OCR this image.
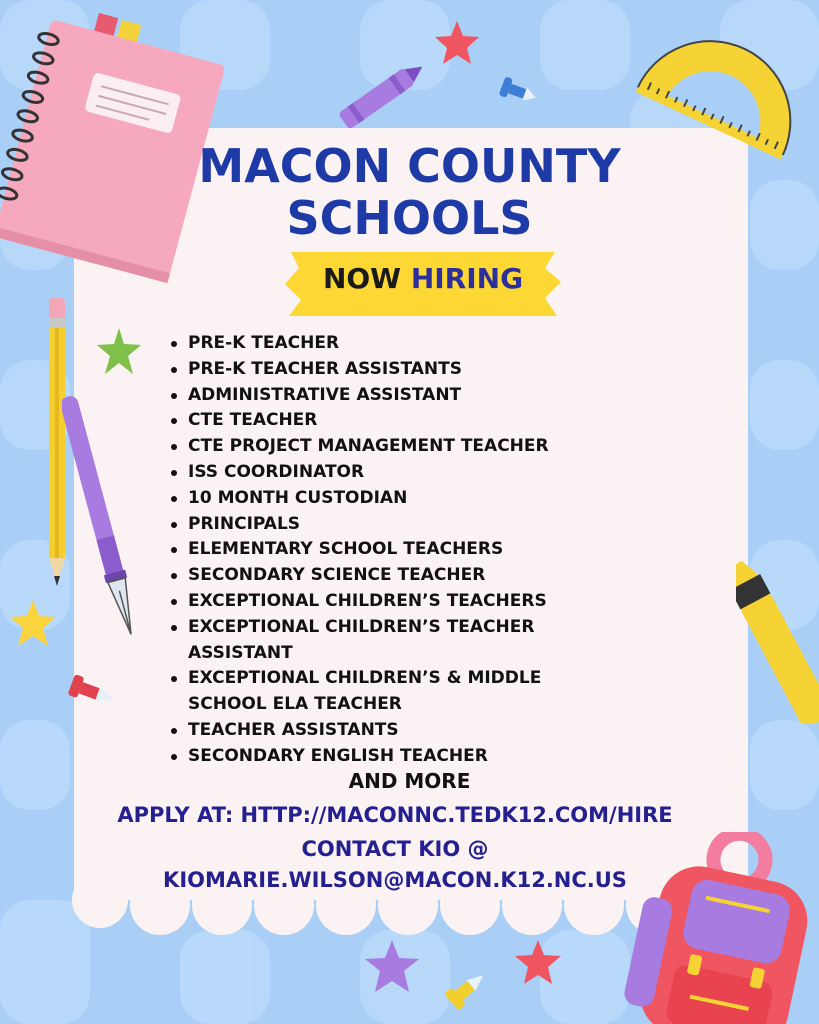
MACON COUNTY
SCHOOLS
NOW HIRING
PRE-K TEACHER
PRE-K TEACHER ASSISTANTS
ADMINISTRATIVE ASSISTANT
CTE TEACHER
CTE PROJECT MANAGEMENT TEACHER
ISS COORDINATOR
10 MONTH CUSTODIAN
PRINCIPALS
ELEMENTARY SCHOOL TEACHERS
SECONDARY SCIENCE TEACHER
EXCEPTIONAL CHILDREN’S TEACHERS
EXCEPTIONAL CHILDREN’S TEACHER ASSISTANT
EXCEPTIONAL CHILDREN’S & MIDDLE SCHOOL ELA TEACHER
TEACHER ASSISTANTS
SECONDARY ENGLISH TEACHER
AND MORE
APPLY AT: HTTP://MACONNC.TEDK12.COM/HIRE
CONTACT KIO @
KIOMARIE.WILSON@MACON.K12.NC.US
